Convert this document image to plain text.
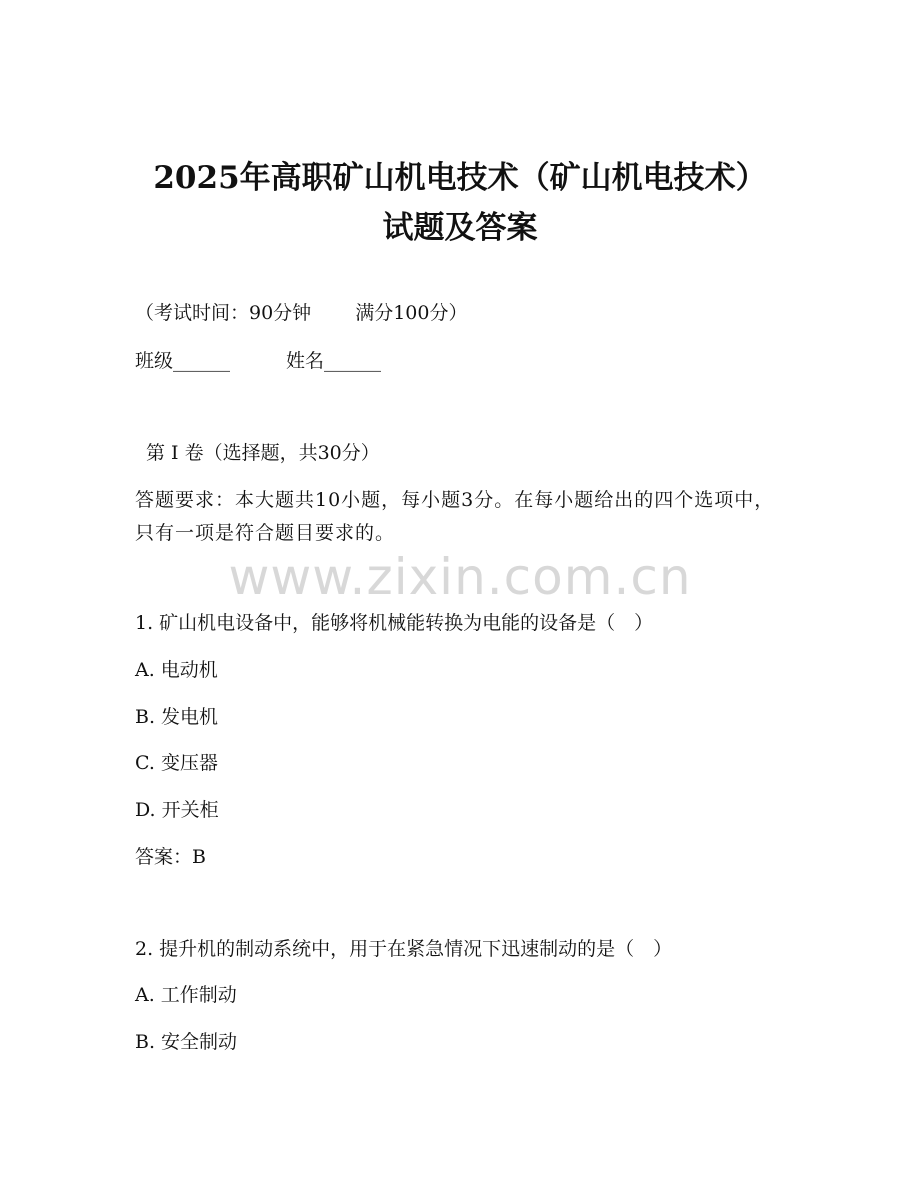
2025年高职矿山机电技术（矿山机电技术）
试题及答案
（考试时间：90分钟 满分100分）
班级______	姓名______
第 I 卷（选择题，共30分）
答题要求：本大题共10小题，每小题3分。在每小题给出的四个选项中，只有一项是符合题目要求的。
www.zixin.com.cn
1. 矿山机电设备中，能够将机械能转换为电能的设备是（　）
A. 电动机
B. 发电机
C. 变压器
D. 开关柜
答案：B
2. 提升机的制动系统中，用于在紧急情况下迅速制动的是（　）
A. 工作制动
B. 安全制动
